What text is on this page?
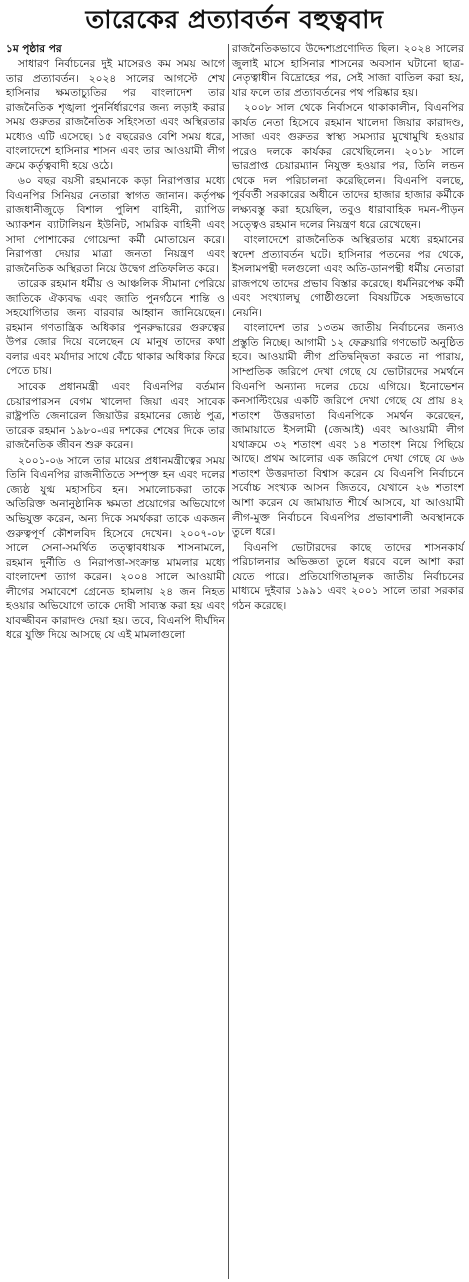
তারেকের প্রত্যাবর্তন বহুত্ববাদ
১ম পৃষ্ঠার পর

সাধারণ নির্বাচনের দুই মাসেরও কম সময় আগে তার প্রত্যাবর্তন। ২০২৪ সালের আগস্টে শেখ হাসিনার ক্ষমতাচ্যুতির পর বাংলাদেশ তার রাজনৈতিক শৃঙ্খলা পুনর্নির্ধারণের জন্য লড়াই করার সময় গুরুতর রাজনৈতিক সহিংসতা এবং অস্থিরতার মধ্যেও এটি এসেছে। ১৫ বছরেরও বেশি সময় ধরে, বাংলাদেশে হাসিনার শাসন এবং তার আওয়ামী লীগ ক্রমে কর্তৃত্ববাদী হয়ে ওঠে।

৬০ বছর বয়সী রহমানকে কড়া নিরাপত্তার মধ্যে বিএনপির সিনিয়র নেতারা স্বাগত জানান। কর্তৃপক্ষ রাজধানীজুড়ে বিশাল পুলিশ বাহিনী, র‌্যাপিড অ্যাকশন ব্যাটালিয়ন ইউনিট, সামরিক বাহিনী এবং সাদা পোশাকের গোয়েন্দা কর্মী মোতায়েন করে। নিরাপত্তা দেয়ার মাত্রা জনতা নিয়ন্ত্রণ এবং রাজনৈতিক অস্থিরতা নিয়ে উদ্বেগ প্রতিফলিত করে।

তারেক রহমান ধর্মীয় ও আঞ্চলিক সীমানা পেরিয়ে জাতিকে ঐক্যবদ্ধ এবং জাতি পুনর্গঠনে শান্তি ও সহযোগিতার জন্য বারবার আহ্বান জানিয়েছেন। রহমান গণতান্ত্রিক অধিকার পুনরুদ্ধারের গুরুত্বের উপর জোর দিয়ে বলেছেন যে মানুষ তাদের কথা বলার এবং মর্যাদার সাথে বেঁচে থাকার অধিকার ফিরে পেতে চায়।

সাবেক প্রধানমন্ত্রী এবং বিএনপির বর্তমান চেয়ারপারসন বেগম খালেদা জিয়া এবং সাবেক রাষ্ট্রপতি জেনারেল জিয়াউর রহমানের জ্যেষ্ঠ পুত্র, তারেক রহমান ১৯৮০-এর দশকের শেষের দিকে তার রাজনৈতিক জীবন শুরু করেন।

২০০১-০৬ সালে তার মায়ের প্রধানমন্ত্রীত্বের সময় তিনি বিএনপির রাজনীতিতে সম্পৃক্ত হন এবং দলের জ্যেষ্ঠ যুগ্ম মহাসচিব হন। সমালোচকরা তাকে অতিরিক্ত অনানুষ্ঠানিক ক্ষমতা প্রয়োগের অভিযোগে অভিযুক্ত করেন, অন্য দিকে সমর্থকরা তাকে একজন গুরুত্বপূর্ণ কৌশলবিদ হিসেবে দেখেন। ২০০৭-০৮ সালে সেনা-সমর্থিত তত্ত্বাবধায়ক শাসনামলে, রহমান দুর্নীতি ও নিরাপত্তা-সংক্রান্ত মামলার মধ্যে বাংলাদেশ ত্যাগ করেন। ২০০৪ সালে আওয়ামী লীগের সমাবেশে গ্রেনেড হামলায় ২৪ জন নিহত হওয়ার অভিযোগে তাকে দোষী সাব্যস্ত করা হয় এবং যাবজ্জীবন কারাদণ্ড দেয়া হয়। তবে, বিএনপি দীর্ঘদিন ধরে যুক্তি দিয়ে আসছে যে এই মামলাগুলো

রাজনৈতিকভাবে উদ্দেশ্যপ্রণোদিত ছিল। ২০২৪ সালের জুলাই মাসে হাসিনার শাসনের অবসান ঘটানো ছাত্র-নেতৃত্বাধীন বিদ্রোহের পর, সেই সাজা বাতিল করা হয়, যার ফলে তার প্রত্যাবর্তনের পথ পরিষ্কার হয়।

২০০৮ সাল থেকে নির্বাসনে থাকাকালীন, বিএনপির কার্যত নেতা হিসেবে রহমান খালেদা জিয়ার কারাদণ্ড, সাজা এবং গুরুতর স্বাস্থ্য সমস্যার মুখোমুখি হওয়ার পরেও দলকে কার্যকর রেখেছিলেন। ২০১৮ সালে ভারপ্রাপ্ত চেয়ারম্যান নিযুক্ত হওয়ার পর, তিনি লন্ডন থেকে দল পরিচালনা করেছিলেন। বিএনপি বলছে, পূর্ববর্তী সরকারের অধীনে তাদের হাজার হাজার কর্মীকে লক্ষ্যবস্তু করা হয়েছিল, তবুও ধারাবাহিক দমন-পীড়ন সত্ত্বেও রহমান দলের নিয়ন্ত্রণ ধরে রেখেছেন।

বাংলাদেশে রাজনৈতিক অস্থিরতার মধ্যে রহমানের স্বদেশ প্রত্যাবর্তন ঘটে। হাসিনার পতনের পর থেকে, ইসলামপন্থী দলগুলো এবং অতি-ডানপন্থী ধর্মীয় নেতারা রাজপথে তাদের প্রভাব বিস্তার করেছে। ধর্মনিরপেক্ষ কর্মী এবং সংখ্যালঘু গোষ্ঠীগুলো বিষয়টিকে সহজভাবে নেয়নি।

বাংলাদেশ তার ১৩তম জাতীয় নির্বাচনের জন্যও প্রস্তুতি নিচ্ছে। আগামী ১২ ফেব্রুয়ারি গণভোট অনুষ্ঠিত হবে। আওয়ামী লীগ প্রতিদ্বন্দ্বিতা করতে না পারায়, সাম্প্রতিক জরিপে দেখা গেছে যে ভোটারদের সমর্থনে বিএনপি অন্যান্য দলের চেয়ে এগিয়ে। ইনোভেশন কনসাল্টিংয়ের একটি জরিপে দেখা গেছে যে প্রায় ৪২ শতাংশ উত্তরদাতা বিএনপিকে সমর্থন করেছেন, জামায়াতে ইসলামী (জেআই) এবং আওয়ামী লীগ যথাক্রমে ৩২ শতাংশ এবং ১৪ শতাংশ নিয়ে পিছিয়ে আছে। প্রথম আলোর এক জরিপে দেখা গেছে যে ৬৬ শতাংশ উত্তরদাতা বিশ্বাস করেন যে বিএনপি নির্বাচনে সর্বোচ্চ সংখ্যক আসন জিতবে, যেখানে ২৬ শতাংশ আশা করেন যে জামায়াত শীর্ষে আসবে, যা আওয়ামী লীগ-মুক্ত নির্বাচনে বিএনপির প্রভাবশালী অবস্থানকে তুলে ধরে।

বিএনপি ভোটারদের কাছে তাদের শাসনকার্য পরিচালনার অভিজ্ঞতা তুলে ধরবে বলে আশা করা যেতে পারে। প্রতিযোগিতামূলক জাতীয় নির্বাচনের মাধ্যমে দুইবার ১৯৯১ এবং ২০০১ সালে তারা সরকার গঠন করেছে।
